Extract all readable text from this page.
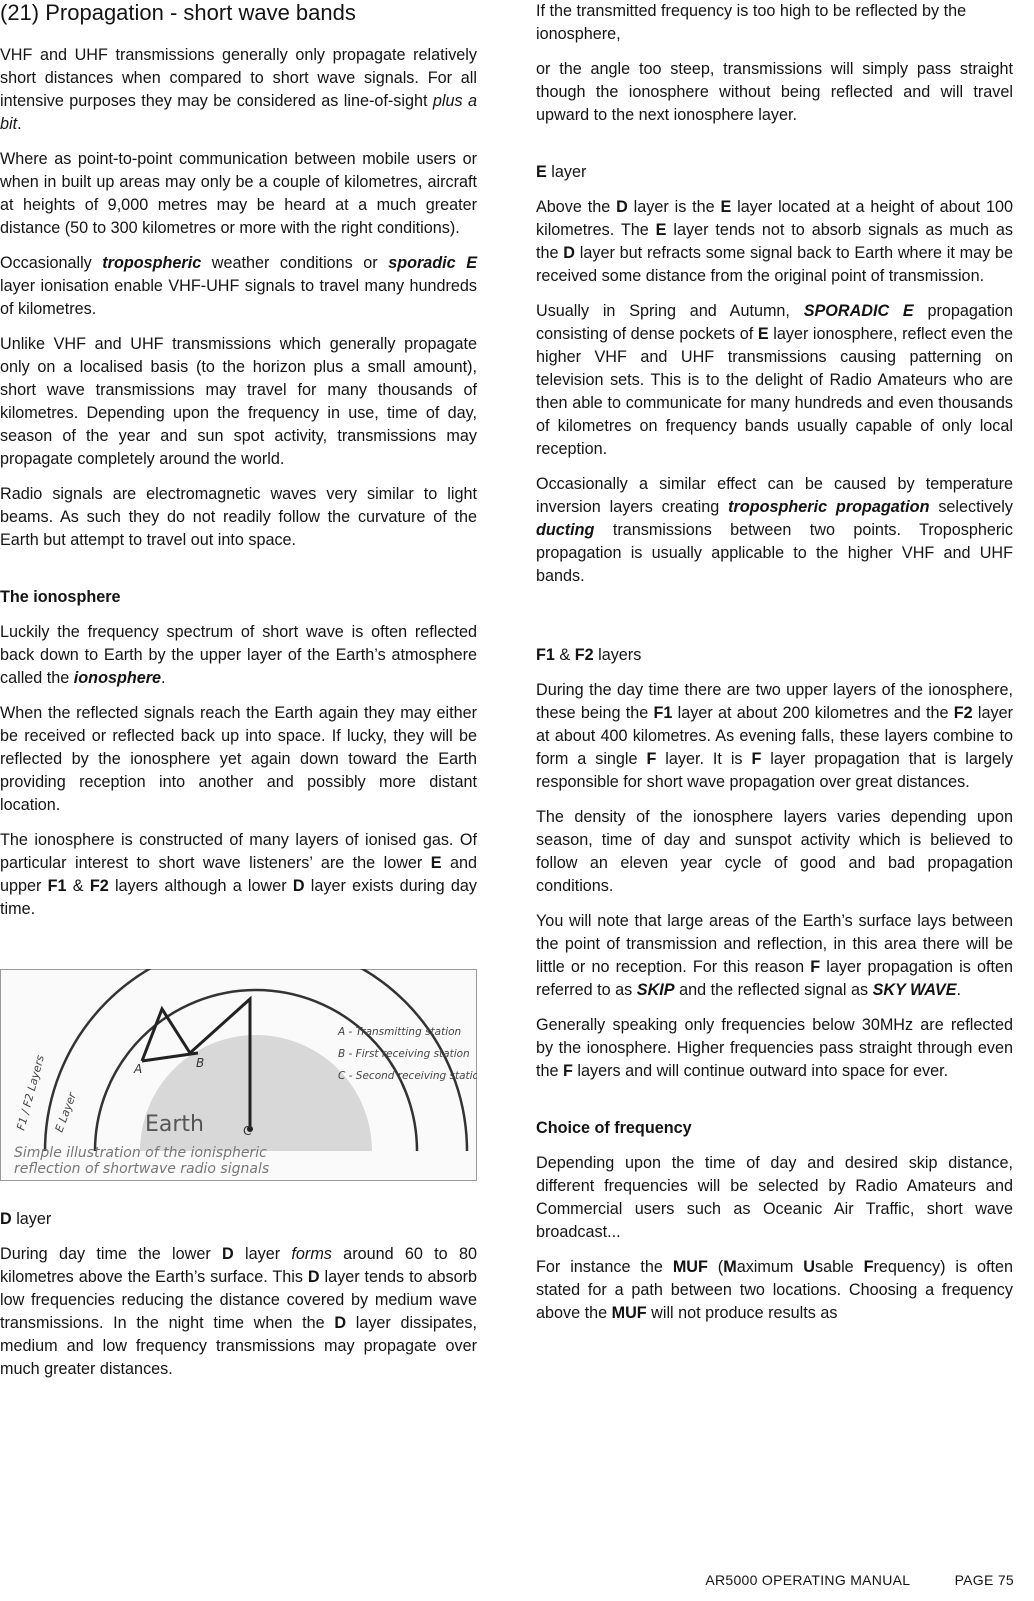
(21) Propagation - short wave bands

VHF and UHF transmissions generally only propagate relatively short distances when compared to short wave signals. For all intensive purposes they may be considered as line-of-sight plus a bit.

Where as point-to-point communication between mobile users or when in built up areas may only be a couple of kilometres, aircraft at heights of 9,000 metres may be heard at a much greater distance (50 to 300 kilometres or more with the right conditions).

Occasionally tropospheric weather conditions or sporadic E layer ionisation enable VHF-UHF signals to travel many hundreds of kilometres.

Unlike VHF and UHF transmissions which generally propagate only on a localised basis (to the horizon plus a small amount), short wave transmissions may travel for many thousands of kilometres. Depending upon the frequency in use, time of day, season of the year and sun spot activity, transmissions may propagate completely around the world.

Radio signals are electromagnetic waves very similar to light beams. As such they do not readily follow the curvature of the Earth but attempt to travel out into space.

The ionosphere

Luckily the frequency spectrum of short wave is often reflected back down to Earth by the upper layer of the Earth’s atmosphere called the ionosphere.

When the reflected signals reach the Earth again they may either be received or reflected back up into space. If lucky, they will be reflected by the ionosphere yet again down toward the Earth providing reception into another and possibly more distant location.

The ionosphere is constructed of many layers of ionised gas. Of particular interest to short wave listeners’ are the lower E and upper F1 & F2 layers although a lower D layer exists during day time.

Earth
A	B
C
F1 / F2 Layers E Layer
A - Transmitting station
B - First receiving station
C - Second receiving station
Simple illustration of the ionispheric
reflection of shortwave radio signals
D layer

During day time the lower D layer forms around 60 to 80 kilometres above the Earth’s surface. This D layer tends to absorb low frequencies reducing the distance covered by medium wave transmissions. In the night time when the D layer dissipates, medium and low frequency transmissions may propagate over much greater distances.

If the transmitted frequency is too high to be reflected by the ionosphere,

or the angle too steep, transmissions will simply pass straight though the ionosphere without being reflected and will travel upward to the next ionosphere layer.

E layer

Above the D layer is the E layer located at a height of about 100 kilometres. The E layer tends not to absorb signals as much as the D layer but refracts some signal back to Earth where it may be received some distance from the original point of transmission.

Usually in Spring and Autumn, SPORADIC E propagation consisting of dense pockets of E layer ionosphere, reflect even the higher VHF and UHF transmissions causing patterning on television sets. This is to the delight of Radio Amateurs who are then able to communicate for many hundreds and even thousands of kilometres on frequency bands usually capable of only local reception.

Occasionally a similar effect can be caused by temperature inversion layers creating tropospheric propagation selectively ducting transmissions between two points. Tropospheric propagation is usually applicable to the higher VHF and UHF bands.

F1 & F2 layers

During the day time there are two upper layers of the ionosphere, these being the F1 layer at about 200 kilometres and the F2 layer at about 400 kilometres. As evening falls, these layers combine to form a single F layer. It is F layer propagation that is largely responsible for short wave propagation over great distances.

The density of the ionosphere layers varies depending upon season, time of day and sunspot activity which is believed to follow an eleven year cycle of good and bad propagation conditions.

You will note that large areas of the Earth’s surface lays between the point of transmission and reflection, in this area there will be little or no reception. For this reason F layer propagation is often referred to as SKIP and the reflected signal as SKY WAVE.

Generally speaking only frequencies below 30MHz are reflected by the ionosphere. Higher frequencies pass straight through even the F layers and will continue outward into space for ever.

Choice of frequency

Depending upon the time of day and desired skip distance, different frequencies will be selected by Radio Amateurs and Commercial users such as Oceanic Air Traffic, short wave broadcast...

For instance the MUF (Maximum Usable Frequency) is often stated for a path between two locations. Choosing a frequency above the MUF will not produce results as

AR5000 OPERATING MANUAL	PAGE 75
